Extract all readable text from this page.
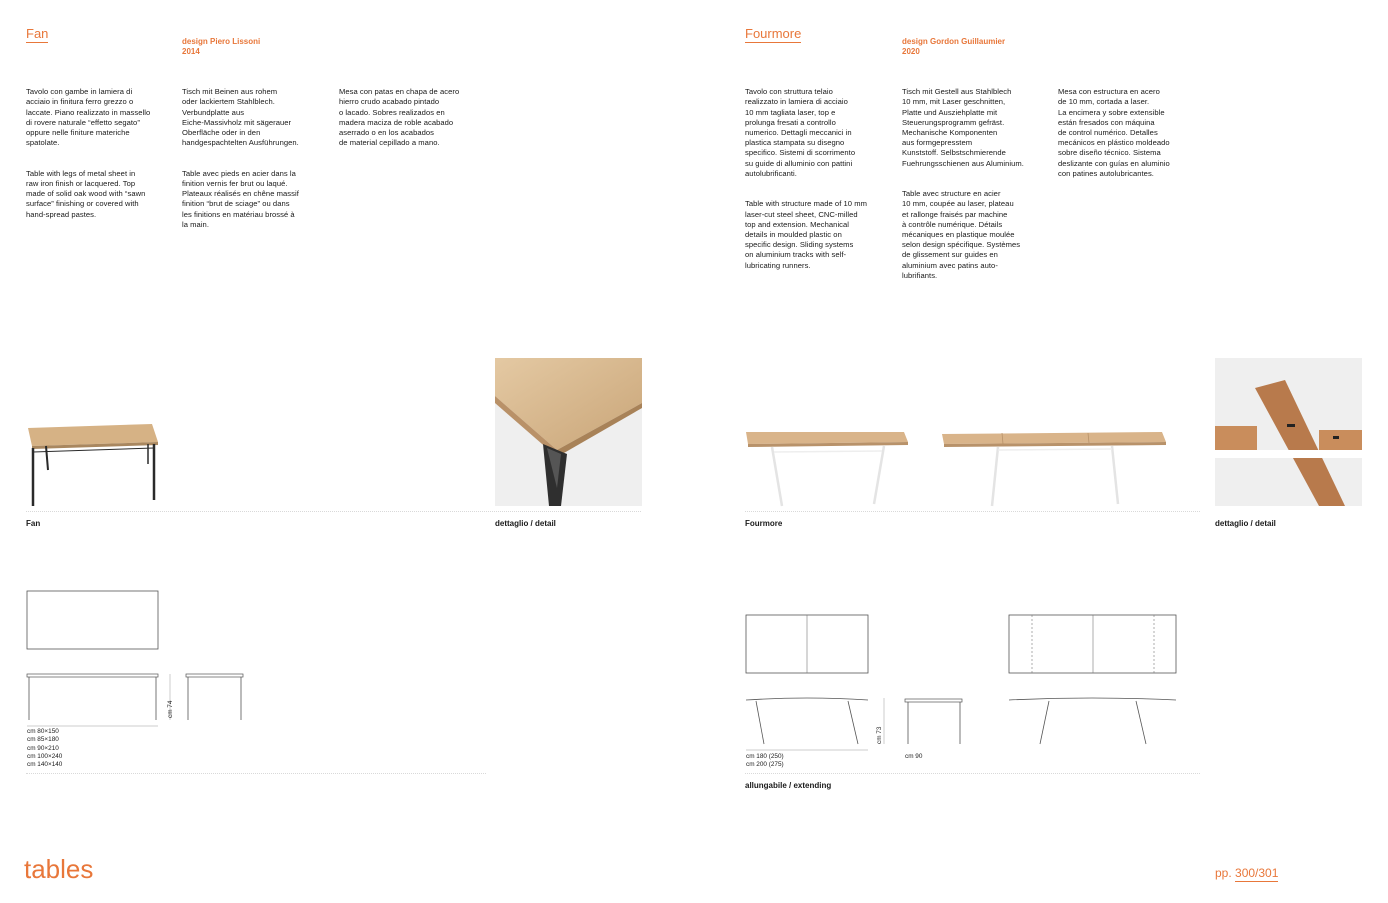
Fan	design Piero Lissoni
2014

Tavolo con gambe in lamiera di
acciaio in finitura ferro grezzo o
laccate. Piano realizzato in massello
di rovere naturale “effetto segato”
oppure nelle finiture materiche
spatolate.

Table with legs of metal sheet in
raw iron finish or lacquered. Top
made of solid oak wood with “sawn
surface” finishing or covered with
hand-spread pastes.

Tisch mit Beinen aus rohem
oder lackiertem Stahlblech.
Verbundplatte aus
Eiche-Massivholz mit sägerauer
Oberfläche oder in den
handgespachtelten Ausführungen.

Table avec pieds en acier dans la
finition vernis fer brut ou laqué.
Plateaux réalisés en chêne massif
finition “brut de sciage” ou dans
les finitions en matériau brossé à
la main.

Mesa con patas en chapa de acero
hierro crudo acabado pintado
o lacado. Sobres realizados en
madera maciza de roble acabado
aserrado o en los acabados
de material cepillado a mano.

Fan	dettaglio / detail
cm 74
cm 80×150
cm 85×180
cm 90×210
cm 100×240
cm 140×140
tables
Fourmore	design Gordon Guillaumier
2020

Tavolo con struttura telaio
realizzato in lamiera di acciaio
10 mm tagliata laser, top e
prolunga fresati a controllo
numerico. Dettagli meccanici in
plastica stampata su disegno
specifico. Sistemi di scorrimento
su guide di alluminio con pattini
autolubrificanti.

Table with structure made of 10 mm
laser-cut steel sheet, CNC-milled
top and extension. Mechanical
details in moulded plastic on
specific design. Sliding systems
on aluminium tracks with self-
lubricating runners.

Tisch mit Gestell aus Stahlblech
10 mm, mit Laser geschnitten,
Platte und Ausziehplatte mit
Steuerungsprogramm gefräst.
Mechanische Komponenten
aus formgepresstem
Kunststoff. Selbstschmierende
Fuehrungsschienen aus Aluminium.

Table avec structure en acier
10 mm, coupée au laser, plateau
et rallonge fraisés par machine
à contrôle numérique. Détails
mécaniques en plastique moulée
selon design spécifique. Systèmes
de glissement sur guides en
aluminium avec patins auto-
lubrifiants.

Mesa con estructura en acero
de 10 mm, cortada a laser.
La encimera y sobre extensible
están fresados con máquina
de control numérico. Detalles
mecánicos en plástico moldeado
sobre diseño técnico. Sistema
deslizante con guías en aluminio
con patines autolubricantes.

Fourmore	dettaglio / detail
cm 73
cm 180 (250)
cm 200 (275)
cm 90
allungabile / extending
pp. 300/301
